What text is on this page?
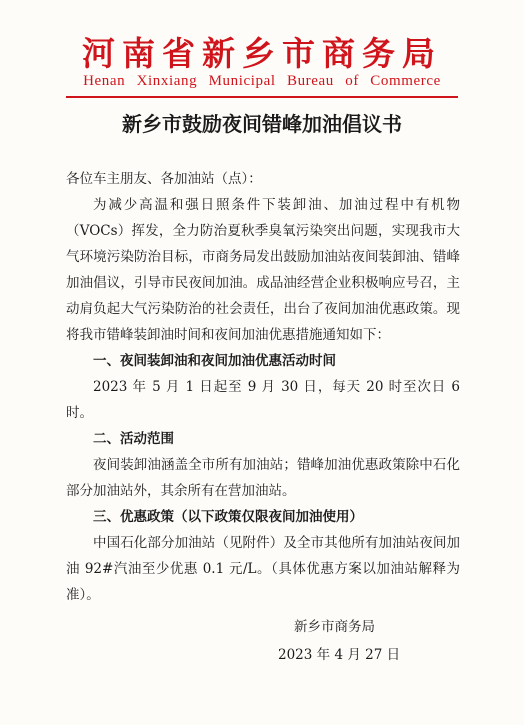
河南省新乡市商务局
Henan Xinxiang Municipal Bureau of Commerce
新乡市鼓励夜间错峰加油倡议书

各位车主朋友、各加油站（点）：

为减少高温和强日照条件下装卸油、加油过程中有机物（VOCs）挥发，全力防治夏秋季臭氧污染突出问题，实现我市大气环境污染防治目标，市商务局发出鼓励加油站夜间装卸油、错峰加油倡议，引导市民夜间加油。成品油经营企业积极响应号召，主动肩负起大气污染防治的社会责任，出台了夜间加油优惠政策。现将我市错峰装卸油时间和夜间加油优惠措施通知如下：

一、夜间装卸油和夜间加油优惠活动时间

2023 年 5 月 1 日起至 9 月 30 日，每天 20 时至次日 6 时。

二、活动范围

夜间装卸油涵盖全市所有加油站；错峰加油优惠政策除中石化部分加油站外，其余所有在营加油站。

三、优惠政策（以下政策仅限夜间加油使用）

中国石化部分加油站（见附件）及全市其他所有加油站夜间加油 92#汽油至少优惠 0.1 元/L。（具体优惠方案以加油站解释为准）。

新乡市商务局
2023 年 4 月 27 日
